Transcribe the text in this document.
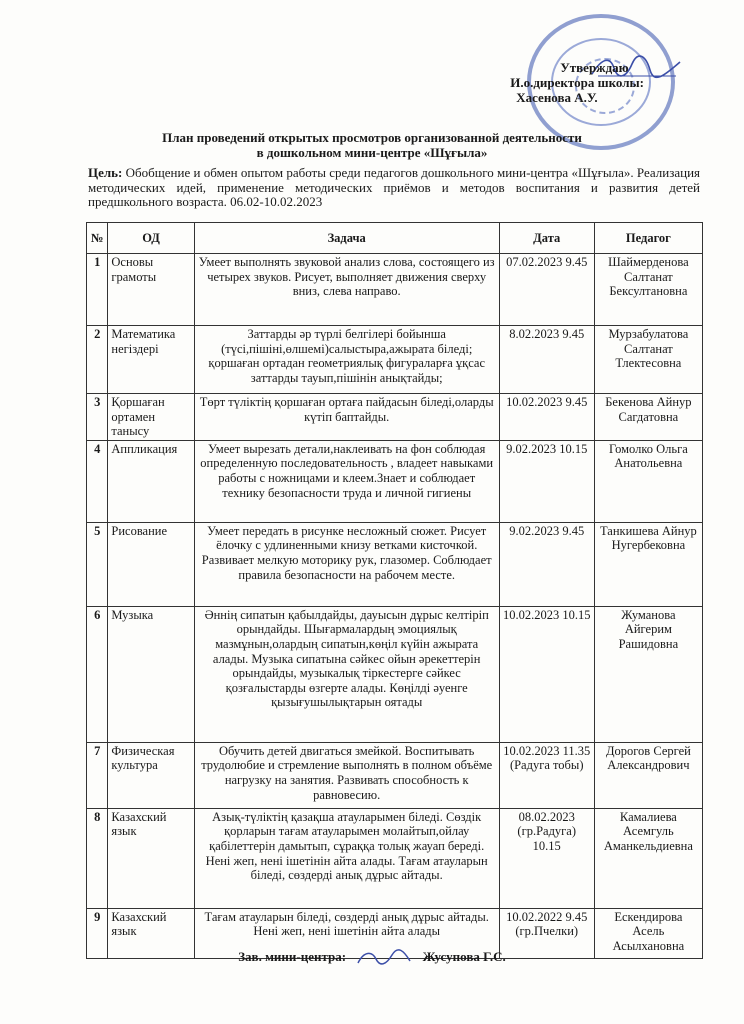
Утверждаю
И.о.директора школы:
Хасенова А.У.
План проведений открытых просмотров организованной деятельности
в дошкольном мини-центре «Шұғыла»
Цель: Обобщение и обмен опытом работы среди педагогов дошкольного мини-центра «Шұғыла». Реализация методических идей, применение методических приёмов и методов воспитания и развития детей предшкольного возраста. 06.02-10.02.2023
№	ОД	Задача	Дата	Педагог
1	Основы грамоты	Умеет выполнять звуковой анализ слова, состоящего из четырех звуков. Рисует, выполняет движения сверху вниз, слева направо.	07.02.2023 9.45	Шаймерденова Салтанат Бексултановна
2	Математика негіздері	Заттарды әр түрлі белгілері бойынша (түсі,пішіні,өлшемі)салыстыра,ажырата біледі; қоршаған ортадан геометриялық фигураларға ұқсас заттарды тауып,пішінін анықтайды;	8.02.2023 9.45	Мурзабулатова Салтанат Тлектесовна
3	Қоршаған ортамен танысу	Төрт түліктің қоршаған ортаға пайдасын біледі,оларды күтіп баптайды.	10.02.2023 9.45	Бекенова Айнур Сагдатовна
4	Аппликация	Умеет вырезать детали,наклеивать на фон соблюдая определенную последовательность , владеет навыками работы с ножницами и клеем.Знает и соблюдает технику безопасности труда и личной гигиены	9.02.2023 10.15	Гомолко Ольга Анатольевна
5	Рисование	Умеет передать в рисунке несложный сюжет. Рисует ёлочку с удлиненными книзу ветками кисточкой. Развивает мелкую моторику рук, глазомер. Соблюдает правила безопасности на рабочем месте.	9.02.2023 9.45	Танкишева Айнур Нугербековна
6	Музыка	Әннің сипатын қабылдайды, дауысын дұрыс келтіріп орындайды. Шығармалардың эмоциялық мазмұнын,олардың сипатын,көңіл күйін ажырата алады. Музыка сипатына сәйкес ойын әрекеттерін орындайды, музыкалық тіркестерге сәйкес қозғалыстарды өзгерте алады. Көңілді әуенге қызығушылықтарын оятады	10.02.2023 10.15	Жуманова Айгерим Рашидовна
7	Физическая культура	Обучить детей двигаться змейкой. Воспитывать трудолюбие и стремление выполнять в полном объёме нагрузку на занятия. Развивать способность к равновесию.	10.02.2023 11.35 (Радуга тобы)	Дорогов Сергей Александрович
8	Казахский язык	Азық-түліктің қазақша атауларымен біледі. Сөздік қорларын тағам атауларымен молайтып,ойлау қабілеттерін дамытып, сұраққа толық жауап береді. Нені жеп, нені ішетінін айта алады. Тағам атауларын біледі, сөздерді анық дұрыс айтады.	08.02.2023 (гр.Радуга) 10.15	Камалиева Асемгуль Аманкельдиевна
9	Казахский язык	Тағам атауларын біледі, сөздерді анық дұрыс айтады. Нені жеп, нені ішетінін айта алады	10.02.2022 9.45 (гр.Пчелки)	Ескендирова Асель Асылхановна
Зав. мини-центра:	Жусупова Г.С.
